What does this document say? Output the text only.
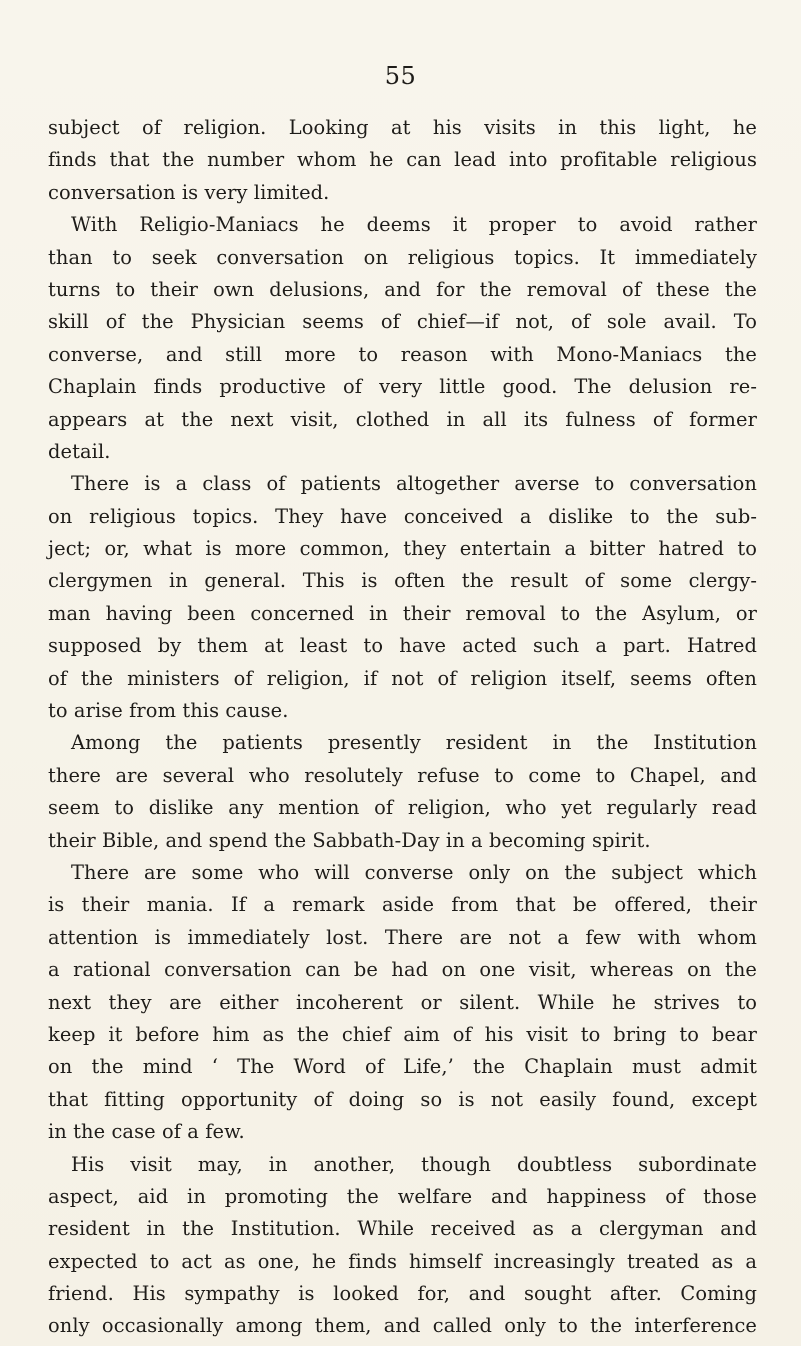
55
subject of religion. Looking at his visits in this light, he
finds that the number whom he can lead into profitable religious
conversation is very limited.
With Religio-Maniacs he deems it proper to avoid rather
than to seek conversation on religious topics. It immediately
turns to their own delusions, and for the removal of these the
skill of the Physician seems of chief—if not, of sole avail. To
converse, and still more to reason with Mono-Maniacs the
Chaplain finds productive of very little good. The delusion re-
appears at the next visit, clothed in all its fulness of former
detail.
There is a class of patients altogether averse to conversation
on religious topics. They have conceived a dislike to the sub-
ject; or, what is more common, they entertain a bitter hatred to
clergymen in general. This is often the result of some clergy-
man having been concerned in their removal to the Asylum, or
supposed by them at least to have acted such a part. Hatred
of the ministers of religion, if not of religion itself, seems often
to arise from this cause.
Among the patients presently resident in the Institution
there are several who resolutely refuse to come to Chapel, and
seem to dislike any mention of religion, who yet regularly read
their Bible, and spend the Sabbath-Day in a becoming spirit.
There are some who will converse only on the subject which
is their mania. If a remark aside from that be offered, their
attention is immediately lost. There are not a few with whom
a rational conversation can be had on one visit, whereas on the
next they are either incoherent or silent. While he strives to
keep it before him as the chief aim of his visit to bring to bear
on the mind ‘ The Word of Life,’ the Chaplain must admit
that fitting opportunity of doing so is not easily found, except
in the case of a few.
His visit may, in another, though doubtless subordinate
aspect, aid in promoting the welfare and happiness of those
resident in the Institution. While received as a clergyman and
expected to act as one, he finds himself increasingly treated as a
friend. His sympathy is looked for, and sought after. Coming
only occasionally among them, and called only to the interference
